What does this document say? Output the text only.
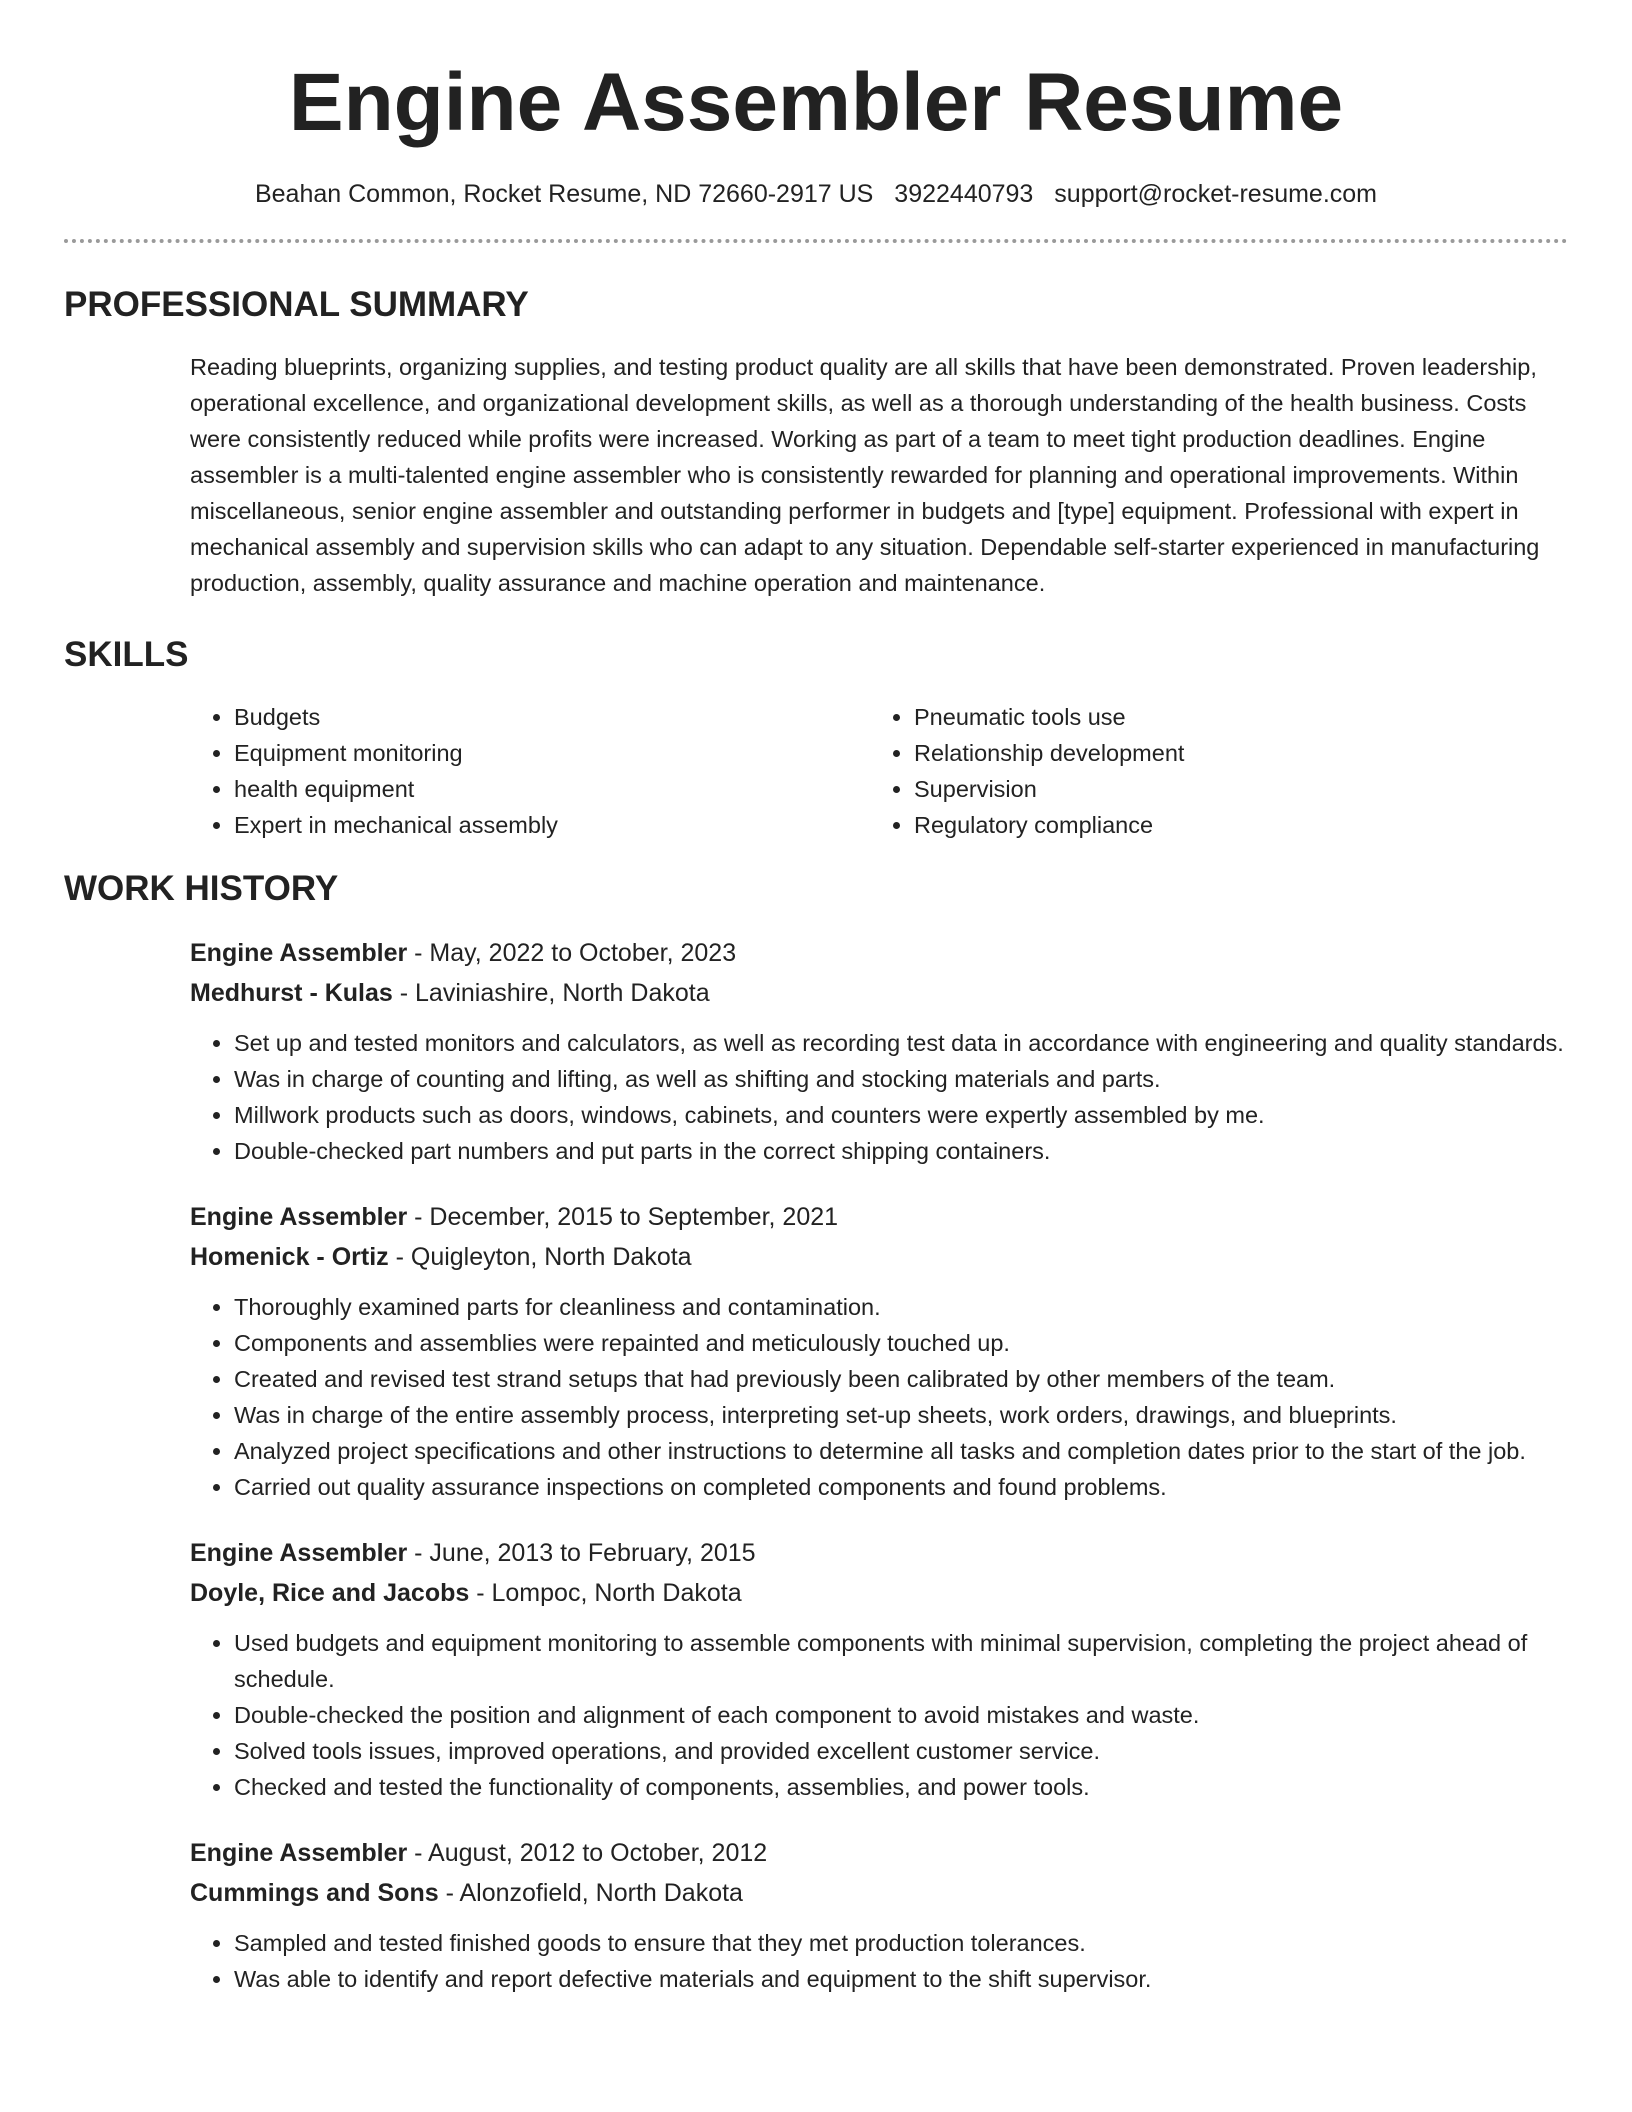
Engine Assembler Resume
Beahan Common, Rocket Resume, ND 72660-2917 US 3922440793 support@rocket-resume.com
PROFESSIONAL SUMMARY

Reading blueprints, organizing supplies, and testing product quality are all skills that have been demonstrated. Proven leadership, operational excellence, and organizational development skills, as well as a thorough understanding of the health business. Costs were consistently reduced while profits were increased. Working as part of a team to meet tight production deadlines. Engine assembler is a multi-talented engine assembler who is consistently rewarded for planning and operational improvements. Within miscellaneous, senior engine assembler and outstanding performer in budgets and [type] equipment. Professional with expert in mechanical assembly and supervision skills who can adapt to any situation. Dependable self-starter experienced in manufacturing production, assembly, quality assurance and machine operation and maintenance.

SKILLS
• Budgets
• Equipment monitoring
• health equipment
• Expert in mechanical assembly
• Pneumatic tools use
• Relationship development
• Supervision
• Regulatory compliance
WORK HISTORY
Engine Assembler - May, 2022 to October, 2023
Medhurst - Kulas - Laviniashire, North Dakota
• Set up and tested monitors and calculators, as well as recording test data in accordance with engineering and quality standards.
• Was in charge of counting and lifting, as well as shifting and stocking materials and parts.
• Millwork products such as doors, windows, cabinets, and counters were expertly assembled by me.
• Double-checked part numbers and put parts in the correct shipping containers.
Engine Assembler - December, 2015 to September, 2021
Homenick - Ortiz - Quigleyton, North Dakota
• Thoroughly examined parts for cleanliness and contamination.
• Components and assemblies were repainted and meticulously touched up.
• Created and revised test strand setups that had previously been calibrated by other members of the team.
• Was in charge of the entire assembly process, interpreting set-up sheets, work orders, drawings, and blueprints.
• Analyzed project specifications and other instructions to determine all tasks and completion dates prior to the start of the job.
• Carried out quality assurance inspections on completed components and found problems.
Engine Assembler - June, 2013 to February, 2015
Doyle, Rice and Jacobs - Lompoc, North Dakota
• Used budgets and equipment monitoring to assemble components with minimal supervision, completing the project ahead of schedule.
• Double-checked the position and alignment of each component to avoid mistakes and waste.
• Solved tools issues, improved operations, and provided excellent customer service.
• Checked and tested the functionality of components, assemblies, and power tools.
Engine Assembler - August, 2012 to October, 2012
Cummings and Sons - Alonzofield, North Dakota
• Sampled and tested finished goods to ensure that they met production tolerances.
• Was able to identify and report defective materials and equipment to the shift supervisor.
